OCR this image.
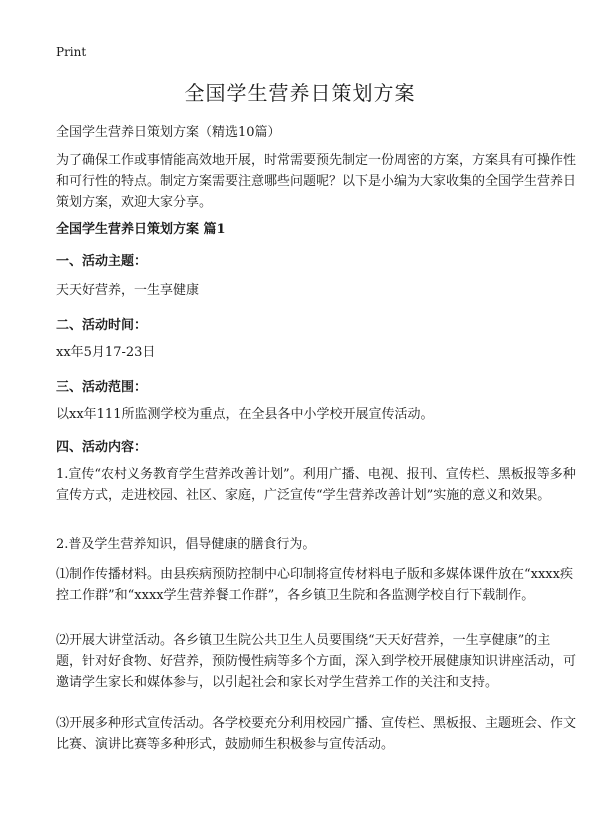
Print
全国学生营养日策划方案

全国学生营养日策划方案（精选10篇）

为了确保工作或事情能高效地开展，时常需要预先制定一份周密的方案，方案具有可操作性和可行性的特点。制定方案需要注意哪些问题呢？以下是小编为大家收集的全国学生营养日策划方案，欢迎大家分享。

全国学生营养日策划方案 篇1
一、活动主题：

天天好营养，一生享健康

二、活动时间：

xx年5月17-23日

三、活动范围：

以xx年111所监测学校为重点，在全县各中小学校开展宣传活动。

四、活动内容：

1.宣传“农村义务教育学生营养改善计划”。利用广播、电视、报刊、宣传栏、黑板报等多种宣传方式，走进校园、社区、家庭，广泛宣传“学生营养改善计划”实施的意义和效果。

2.普及学生营养知识，倡导健康的膳食行为。

⑴制作传播材料。由县疾病预防控制中心印制将宣传材料电子版和多媒体课件放在“xxxx疾控工作群”和“xxxx学生营养餐工作群”，各乡镇卫生院和各监测学校自行下载制作。

⑵开展大讲堂活动。各乡镇卫生院公共卫生人员要围绕“天天好营养，一生享健康”的主题，针对好食物、好营养，预防慢性病等多个方面，深入到学校开展健康知识讲座活动，可邀请学生家长和媒体参与，以引起社会和家长对学生营养工作的关注和支持。

⑶开展多种形式宣传活动。各学校要充分利用校园广播、宣传栏、黑板报、主题班会、作文比赛、演讲比赛等多种形式，鼓励师生积极参与宣传活动。
